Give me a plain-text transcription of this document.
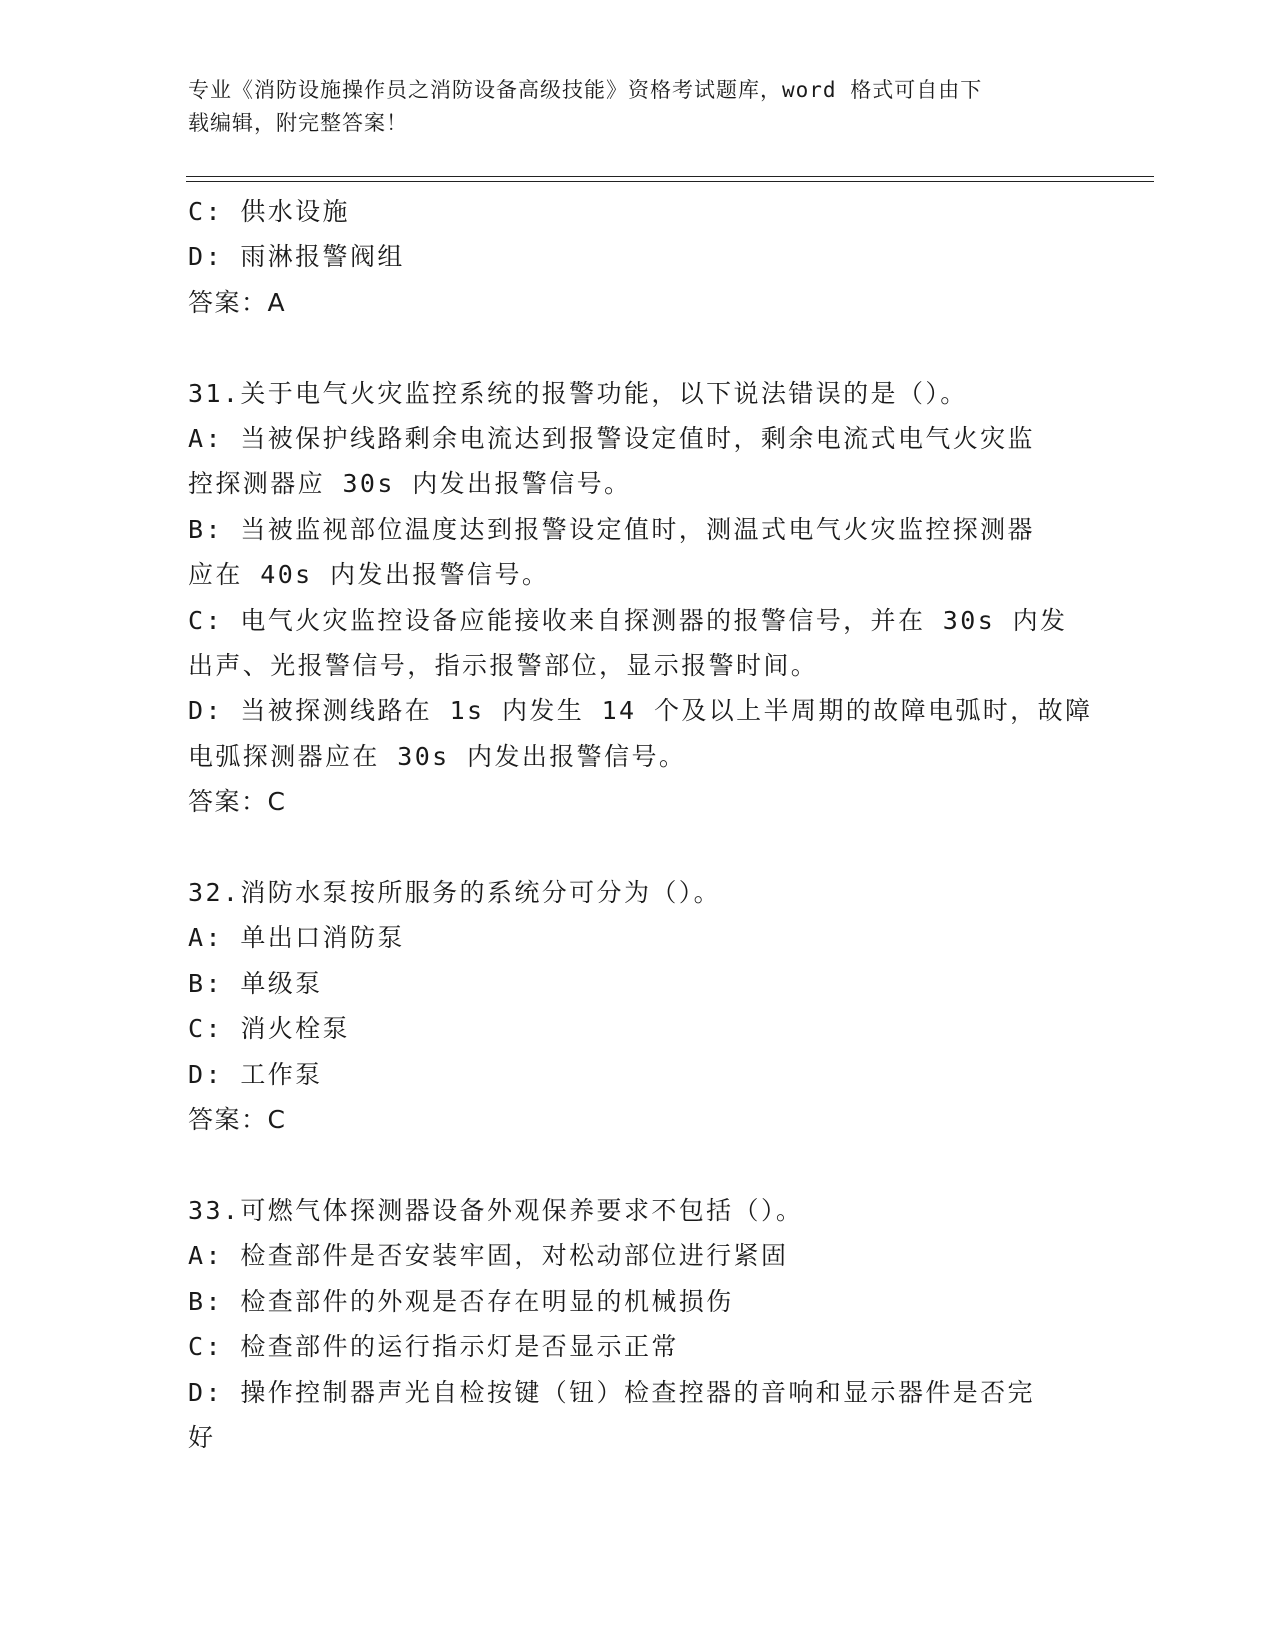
专业《消防设施操作员之消防设备高级技能》资格考试题库，word 格式可自由下
载编辑，附完整答案！
C: 供水设施
D: 雨淋报警阀组
答案：A
31.关于电气火灾监控系统的报警功能，以下说法错误的是（）。
A: 当被保护线路剩余电流达到报警设定值时，剩余电流式电气火灾监
控探测器应 30s 内发出报警信号。
B: 当被监视部位温度达到报警设定值时，测温式电气火灾监控探测器
应在 40s 内发出报警信号。
C: 电气火灾监控设备应能接收来自探测器的报警信号，并在 30s 内发
出声、光报警信号，指示报警部位，显示报警时间。
D: 当被探测线路在 1s 内发生 14 个及以上半周期的故障电弧时，故障
电弧探测器应在 30s 内发出报警信号。
答案：C
32.消防水泵按所服务的系统分可分为（）。
A: 单出口消防泵
B: 单级泵
C: 消火栓泵
D: 工作泵
答案：C
33.可燃气体探测器设备外观保养要求不包括（）。
A: 检查部件是否安装牢固，对松动部位进行紧固
B: 检查部件的外观是否存在明显的机械损伤
C: 检查部件的运行指示灯是否显示正常
D: 操作控制器声光自检按键（钮）检查控器的音响和显示器件是否完
好
